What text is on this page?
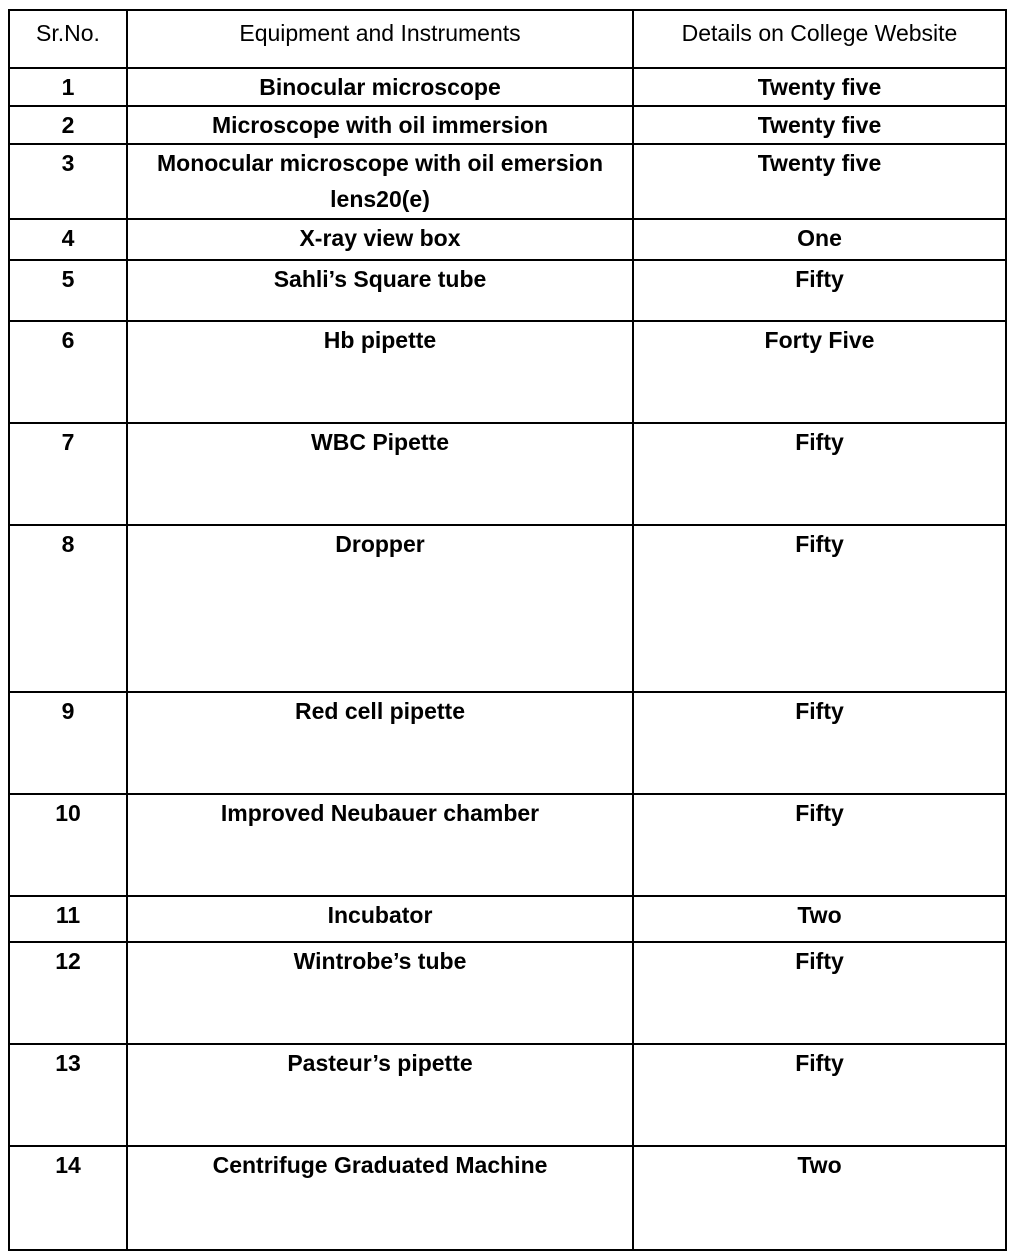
Sr.No.	Equipment and Instruments	Details on College Website
1	Binocular microscope	Twenty five
2	Microscope with oil immersion	Twenty five
3	Monocular microscope with oil emersion lens20(e)	Twenty five
4	X-ray view box	One
5	Sahli’s Square tube	Fifty
6	Hb pipette	Forty Five
7	WBC Pipette	Fifty
8	Dropper	Fifty
9	Red cell pipette	Fifty
10	Improved Neubauer chamber	Fifty
11	Incubator	Two
12	Wintrobe’s tube	Fifty
13	Pasteur’s pipette	Fifty
14	Centrifuge Graduated Machine	Two
